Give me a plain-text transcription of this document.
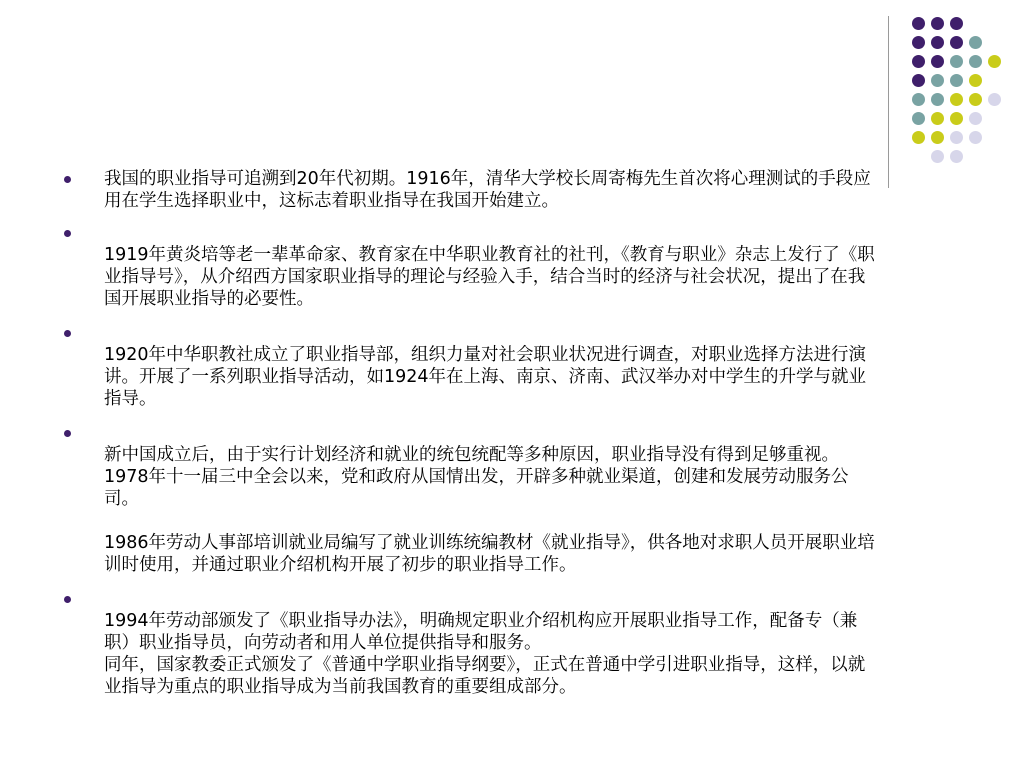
我国的职业指导可追溯到20年代初期。1916年，清华大学校长周寄梅先生首次将心理测试的手段应用在学生选择职业中，这标志着职业指导在我国开始建立。

1919年黄炎培等老一辈革命家、教育家在中华职业教育社的社刊，《教育与职业》杂志上发行了《职业指导号》，从介绍西方国家职业指导的理论与经验入手，结合当时的经济与社会状况，提出了在我国开展职业指导的必要性。

1920年中华职教社成立了职业指导部，组织力量对社会职业状况进行调查，对职业选择方法进行演讲。开展了一系列职业指导活动，如1924年在上海、南京、济南、武汉举办对中学生的升学与就业指导。

新中国成立后，由于实行计划经济和就业的统包统配等多种原因，职业指导没有得到足够重视。

1978年十一届三中全会以来，党和政府从国情出发，开辟多种就业渠道，创建和发展劳动服务公司。

1986年劳动人事部培训就业局编写了就业训练统编教材《就业指导》，供各地对求职人员开展职业培训时使用，并通过职业介绍机构开展了初步的职业指导工作。

1994年劳动部颁发了《职业指导办法》，明确规定职业介绍机构应开展职业指导工作，配备专（兼职）职业指导员，向劳动者和用人单位提供指导和服务。

同年，国家教委正式颁发了《普通中学职业指导纲要》，正式在普通中学引进职业指导，这样，以就业指导为重点的职业指导成为当前我国教育的重要组成部分。
